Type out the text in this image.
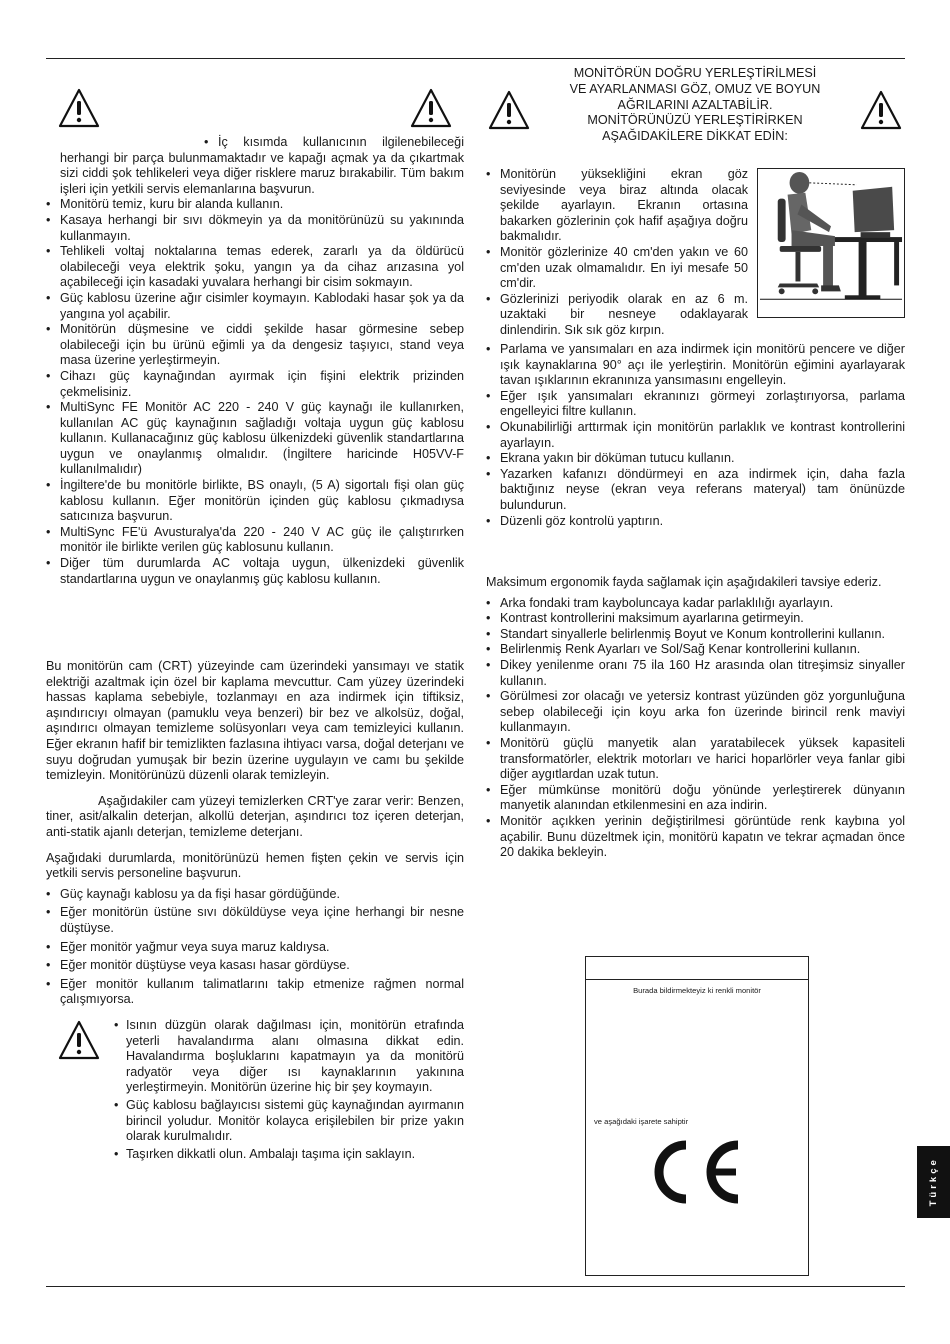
• İç kısımda kullanıcının ilgilenebileceği herhangi bir parça bulunmamaktadır ve kapağı açmak ya da çıkartmak sizi ciddi şok tehlikeleri veya diğer risklere maruz bırakabilir. Tüm bakım işleri için yetkili servis elemanlarına başvurun.
• Monitörü temiz, kuru bir alanda kullanın.
• Kasaya herhangi bir sıvı dökmeyin ya da monitörünüzü su yakınında kullanmayın.
• Tehlikeli voltaj noktalarına temas ederek, zararlı ya da öldürücü olabileceği veya elektrik şoku, yangın ya da cihaz arızasına yol açabileceği için kasadaki yuvalara herhangi bir cisim sokmayın.
• Güç kablosu üzerine ağır cisimler koymayın. Kablodaki hasar şok ya da yangına yol açabilir.
• Monitörün düşmesine ve ciddi şekilde hasar görmesine sebep olabileceği için bu ürünü eğimli ya da dengesiz taşıyıcı, stand veya masa üzerine yerleştirmeyin.
• Cihazı güç kaynağından ayırmak için fişini elektrik prizinden çekmelisiniz.
• MultiSync FE Monitör AC 220 - 240 V güç kaynağı ile kullanırken, kullanılan AC güç kaynağının sağladığı voltaja uygun güç kablosu kullanın. Kullanacağınız güç kablosu ülkenizdeki güvenlik standartlarına uygun ve onaylanmış olmalıdır. (İngiltere haricinde H05VV-F kullanılmalıdır)
• İngiltere'de bu monitörle birlikte, BS onaylı, (5 A) sigortalı fişi olan güç kablosu kullanın. Eğer monitörün içinden güç kablosu çıkmadıysa satıcınıza başvurun.
• MultiSync FE'ü Avusturalya'da 220 - 240 V AC güç ile çalıştırırken monitör ile birlikte verilen güç kablosunu kullanın.
• Diğer tüm durumlarda AC voltaja uygun, ülkenizdeki güvenlik standartlarına uygun ve onaylanmış güç kablosu kullanın.

Bu monitörün cam (CRT) yüzeyinde cam üzerindeki yansımayı ve statik elektriği azaltmak için özel bir kaplama mevcuttur. Cam yüzey üzerindeki hassas kaplama sebebiyle, tozlanmayı en aza indirmek için tiftiksiz, aşındırıcıyı olmayan (pamuklu veya benzeri) bir bez ve alkolsüz, doğal, aşındırıcı olmayan temizleme solüsyonları veya cam temizleyici kullanın. Eğer ekranın hafif bir temizlikten fazlasına ihtiyacı varsa, doğal deterjanı ve suyu doğrudan yumuşak bir bezin üzerine uygulayın ve camı bu şekilde temizleyin. Monitörünüzü düzenli olarak temizleyin.

Aşağıdakiler cam yüzeyi temizlerken CRT'ye zarar verir: Benzen, tiner, asit/alkalin deterjan, alkollü deterjan, aşındırıcı toz içeren deterjan, anti-statik ajanlı deterjan, temizleme deterjanı.

Aşağıdaki durumlarda, monitörünüzü hemen fişten çekin ve servis için yetkili servis personeline başvurun.

• Güç kaynağı kablosu ya da fişi hasar gördüğünde.
• Eğer monitörün üstüne sıvı döküldüyse veya içine herhangi bir nesne düştüyse.
• Eğer monitör yağmur veya suya maruz kaldıysa.
• Eğer monitör düştüyse veya kasası hasar gördüyse.
• Eğer monitör kullanım talimatlarını takip etmenize rağmen normal çalışmıyorsa.
• Isının düzgün olarak dağılması için, monitörün etrafında yeterli havalandırma alanı olmasına dikkat edin. Havalandırma boşluklarını kapatmayın ya da monitörü radyatör veya diğer ısı kaynaklarının yakınına yerleştirmeyin. Monitörün üzerine hiç bir şey koymayın.
• Güç kablosu bağlayıcısı sistemi güç kaynağından ayırmanın birincil yoludur. Monitör kolayca erişilebilen bir prize yakın olarak kurulmalıdır.
• Taşırken dikkatli olun. Ambalajı taşıma için saklayın.
MONİTÖRÜN DOĞRU YERLEŞTİRİLMESİ
VE AYARLANMASI GÖZ, OMUZ VE BOYUN
AĞRILARINI AZALTABİLİR.
MONİTÖRÜNÜZÜ YERLEŞTİRİRKEN
AŞAĞIDAKİLERE DİKKAT EDİN:
• Monitörün yüksekliğini ekran göz seviyesinde veya biraz altında olacak şekilde ayarlayın. Ekranın ortasına bakarken gözlerinin çok hafif aşağıya doğru bakmalıdır.
• Monitör gözlerinize 40 cm'den yakın ve 60 cm'den uzak olmamalıdır. En iyi mesafe 50 cm'dir.
• Gözlerinizi periyodik olarak en az 6 m. uzaktaki bir nesneye odaklayarak dinlendirin. Sık sık göz kırpın.
• Parlama ve yansımaları en aza indirmek için monitörü pencere ve diğer ışık kaynaklarına 90° açı ile yerleştirin. Monitörün eğimini ayarlayarak tavan ışıklarının ekranınıza yansımasını engelleyin.
• Eğer ışık yansımaları ekranınızı görmeyi zorlaştırıyorsa, parlama engelleyici filtre kullanın.
• Okunabilirliği arttırmak için monitörün parlaklık ve kontrast kontrollerini ayarlayın.
• Ekrana yakın bir döküman tutucu kullanın.
• Yazarken kafanızı döndürmeyi en aza indirmek için, daha fazla baktığınız neyse (ekran veya referans materyal) tam önünüzde bulundurun.
• Düzenli göz kontrolü yaptırın.

Maksimum ergonomik fayda sağlamak için aşağıdakileri tavsiye ederiz.

• Arka fondaki tram kayboluncaya kadar parlaklılığı ayarlayın.
• Kontrast kontrollerini maksimum ayarlarına getirmeyin.
• Standart sinyallerle belirlenmiş Boyut ve Konum kontrollerini kullanın.
• Belirlenmiş Renk Ayarları ve Sol/Sağ Kenar kontrollerini kullanın.
• Dikey yenilenme oranı 75 ila 160 Hz arasında olan titreşimsiz sinyaller kullanın.
• Görülmesi zor olacağı ve yetersiz kontrast yüzünden göz yorgunluğuna sebep olabileceği için koyu arka fon üzerinde birincil renk maviyi kullanmayın.
• Monitörü güçlü manyetik alan yaratabilecek yüksek kapasiteli transformatörler, elektrik motorları ve harici hoparlörler veya fanlar gibi diğer aygıtlardan uzak tutun.
• Eğer mümkünse monitörü doğu yönünde yerleştirerek dünyanın manyetik alanından etkilenmesini en aza indirin.
• Monitör açıkken yerinin değiştirilmesi görüntüde renk kaybına yol açabilir. Bunu düzeltmek için, monitörü kapatın ve tekrar açmadan önce 20 dakika bekleyin.
Burada bildirmekteyiz ki renkli monitör
ve aşağıdaki işarete sahiptir
Türkçe
